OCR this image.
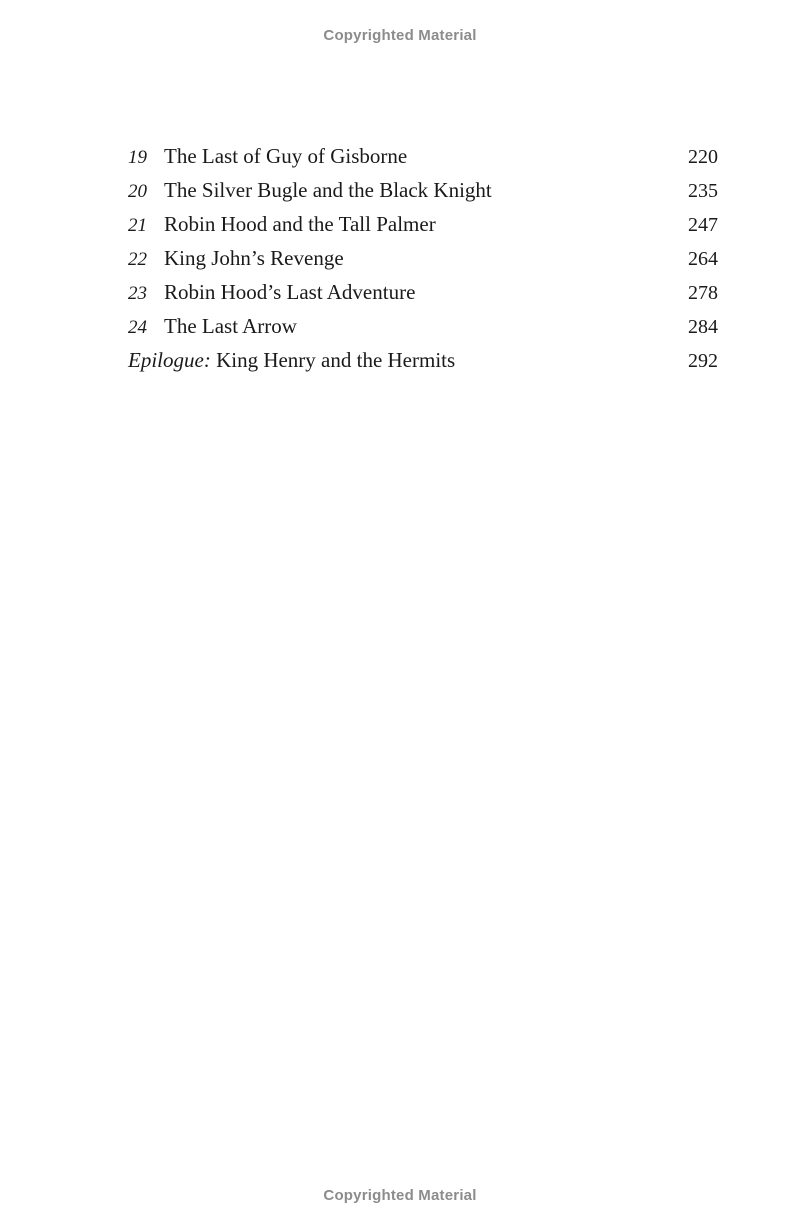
Copyrighted Material
19 The Last of Guy of Gisborne	220
20 The Silver Bugle and the Black Knight	235
21 Robin Hood and the Tall Palmer	247
22 King John’s Revenge	264
23 Robin Hood’s Last Adventure	278
24 The Last Arrow	284
Epilogue: King Henry and the Hermits	292
Copyrighted Material
